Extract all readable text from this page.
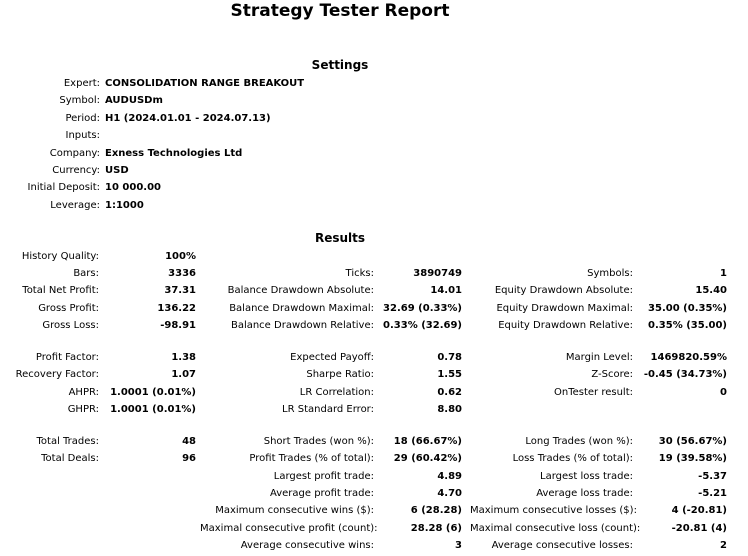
Strategy Tester Report
Settings
Expert: CONSOLIDATION RANGE BREAKOUT
Symbol: AUDUSDm
Period: H1 (2024.01.01 - 2024.07.13)
Inputs:
Company: Exness Technologies Ltd
Currency: USD
Initial Deposit: 10 000.00
Leverage: 1:1000
Results
History Quality:	100%
Bars:	3336	Ticks:	3890749	Symbols:	1
Total Net Profit:	37.31	Balance Drawdown Absolute:	14.01	Equity Drawdown Absolute:	15.40
Gross Profit:	136.22	Balance Drawdown Maximal: 32.69 (0.33%)	Equity Drawdown Maximal:	35.00 (0.35%)
Gross Loss:	-98.91	Balance Drawdown Relative: 0.33% (32.69)	Equity Drawdown Relative:	0.35% (35.00)
Profit Factor:	1.38	Expected Payoff:	0.78	Margin Level:	1469820.59%
Recovery Factor:	1.07	Sharpe Ratio:	1.55	Z-Score:	-0.45 (34.73%)
AHPR:	1.0001 (0.01%)	LR Correlation:	0.62	OnTester result:	0
GHPR:	1.0001 (0.01%)	LR Standard Error:	8.80
Total Trades:	48	Short Trades (won %):	18 (66.67%)	Long Trades (won %):	30 (56.67%)
Total Deals:	96	Profit Trades (% of total):	29 (60.42%)	Loss Trades (% of total):	19 (39.58%)
Largest profit trade:	4.89	Largest loss trade:	-5.37
Average profit trade:	4.70	Average loss trade:	-5.21
Maximum consecutive wins ($):	6 (28.28) Maximum consecutive losses ($):	4 (-20.81)
Maximal consecutive profit (count):	28.28 (6) Maximal consecutive loss (count):	-20.81 (4)
Average consecutive wins:	3	Average consecutive losses:	2
